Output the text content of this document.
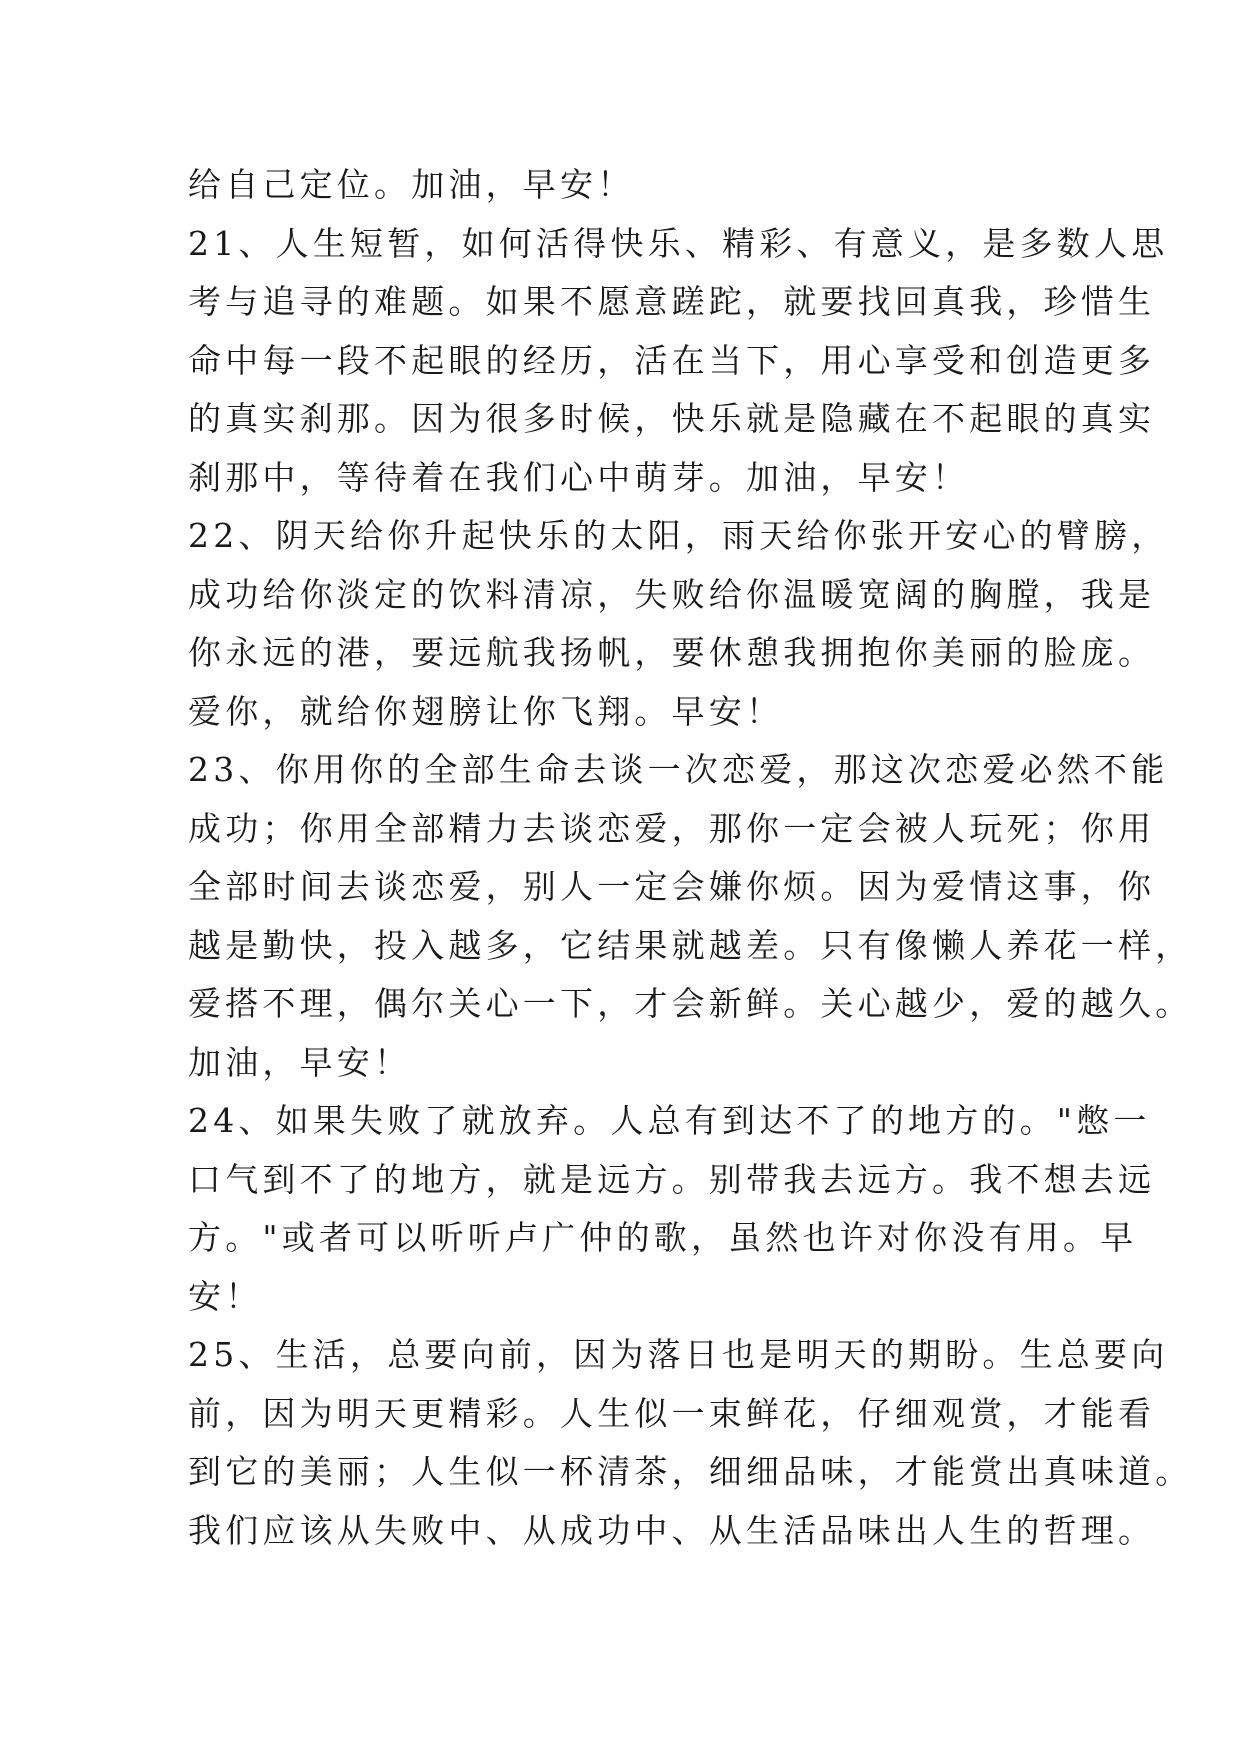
给自己定位。加油，早安！
21、人生短暂，如何活得快乐、精彩、有意义，是多数人思
考与追寻的难题。如果不愿意蹉跎，就要找回真我，珍惜生
命中每一段不起眼的经历，活在当下，用心享受和创造更多
的真实刹那。因为很多时候，快乐就是隐藏在不起眼的真实
刹那中，等待着在我们心中萌芽。加油，早安！
22、阴天给你升起快乐的太阳，雨天给你张开安心的臂膀，
成功给你淡定的饮料清凉，失败给你温暖宽阔的胸膛，我是
你永远的港，要远航我扬帆，要休憩我拥抱你美丽的脸庞。
爱你，就给你翅膀让你飞翔。早安！
23、你用你的全部生命去谈一次恋爱，那这次恋爱必然不能
成功；你用全部精力去谈恋爱，那你一定会被人玩死；你用
全部时间去谈恋爱，别人一定会嫌你烦。因为爱情这事，你
越是勤快，投入越多，它结果就越差。只有像懒人养花一样，
爱搭不理，偶尔关心一下，才会新鲜。关心越少，爱的越久。
加油，早安！
24、如果失败了就放弃。人总有到达不了的地方的。"憋一
口气到不了的地方，就是远方。别带我去远方。我不想去远
方。"或者可以听听卢广仲的歌，虽然也许对你没有用。早
安！
25、生活，总要向前，因为落日也是明天的期盼。生总要向
前，因为明天更精彩。人生似一束鲜花，仔细观赏，才能看
到它的美丽；人生似一杯清茶，细细品味，才能赏出真味道。
我们应该从失败中、从成功中、从生活品味出人生的哲理。
